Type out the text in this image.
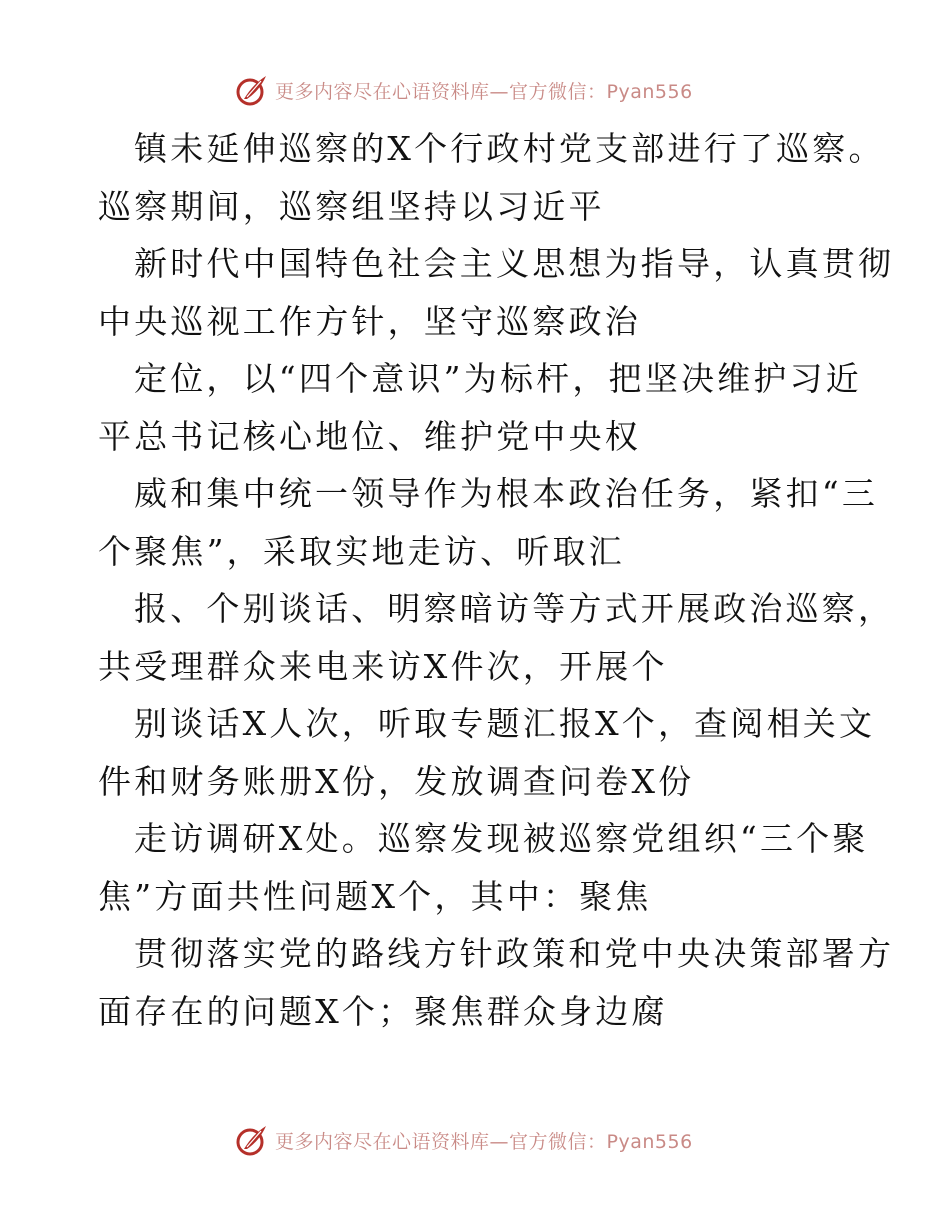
更多内容尽在心语资料库—官方微信：Pyan556

镇未延伸巡察的X个行政村党支部进行了巡察。
巡察期间，巡察组坚持以习近平

新时代中国特色社会主义思想为指导，认真贯彻
中央巡视工作方针，坚守巡察政治

定位，以“四个意识”为标杆，把坚决维护习近
平总书记核心地位、维护党中央权

威和集中统一领导作为根本政治任务，紧扣“三
个聚焦”，采取实地走访、听取汇

报、个别谈话、明察暗访等方式开展政治巡察，
共受理群众来电来访X件次，开展个

别谈话X人次，听取专题汇报X个，查阅相关文
件和财务账册X份，发放调查问卷X份

走访调研X处。巡察发现被巡察党组织“三个聚
焦”方面共性问题X个，其中：聚焦

贯彻落实党的路线方针政策和党中央决策部署方
面存在的问题X个；聚焦群众身边腐

更多内容尽在心语资料库—官方微信：Pyan556
